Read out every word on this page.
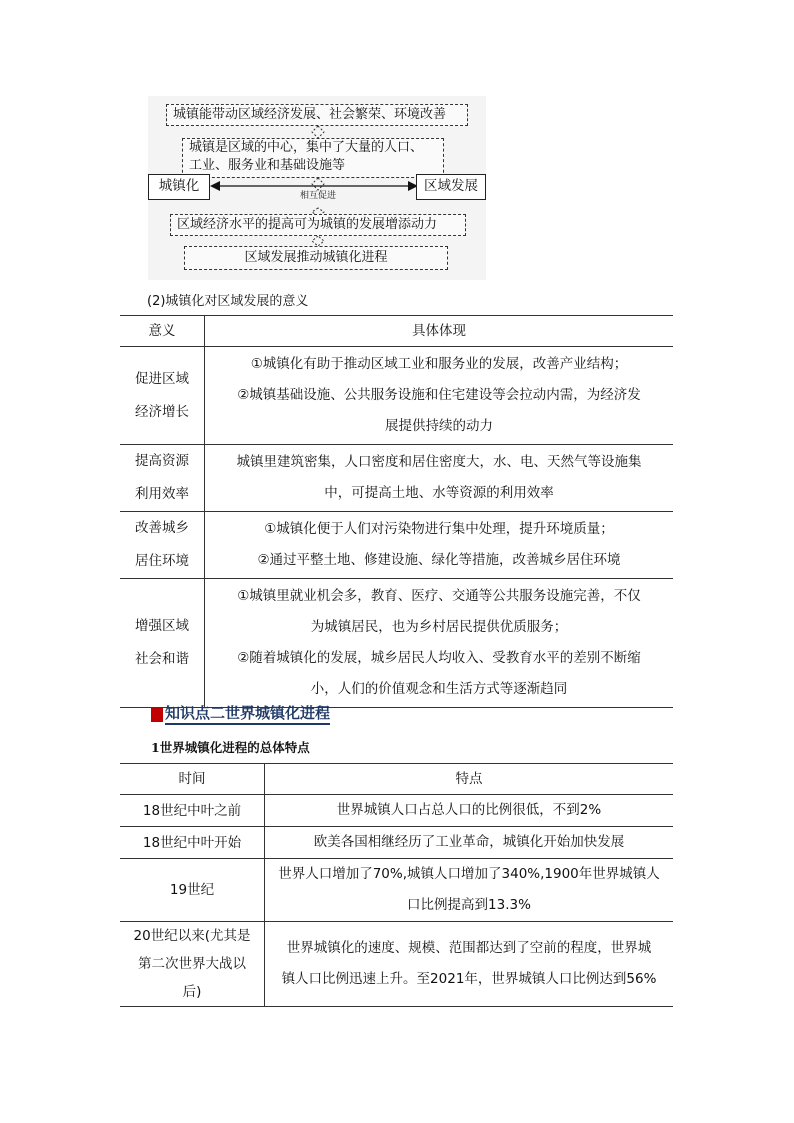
城镇能带动区域经济发展、社会繁荣、环境改善
城镇是区域的中心，集中了大量的人口、
工业、服务业和基础设施等
城镇化	区域发展
相互促进
区域经济水平的提高可为城镇的发展增添动力
区域发展推动城镇化进程
(2)城镇化对区域发展的意义
意义	具体体现

促进区域
经济增长	①城镇化有助于推动区域工业和服务业的发展，改善产业结构；
②城镇基础设施、公共服务设施和住宅建设等会拉动内需，为经济发
展提供持续的动力

提高资源
利用效率	城镇里建筑密集，人口密度和居住密度大，水、电、天然气等设施集
中，可提高土地、水等资源的利用效率

改善城乡
居住环境	①城镇化便于人们对污染物进行集中处理，提升环境质量；
②通过平整土地、修建设施、绿化等措施，改善城乡居住环境

增强区域
社会和谐	①城镇里就业机会多，教育、医疗、交通等公共服务设施完善，不仅
为城镇居民，也为乡村居民提供优质服务；
②随着城镇化的发展，城乡居民人均收入、受教育水平的差别不断缩
小，人们的价值观念和生活方式等逐渐趋同
知识点二世界城镇化进程
1世界城镇化进程的总体特点
时间	特点

18世纪中叶之前	世界城镇人口占总人口的比例很低，不到2%

18世纪中叶开始	欧美各国相继经历了工业革命，城镇化开始加快发展

19世纪	世界人口增加了70%,城镇人口增加了340%,1900年世界城镇人
口比例提高到13.3%

20世纪以来(尤其是
第二次世界大战以
后)	世界城镇化的速度、规模、范围都达到了空前的程度，世界城
镇人口比例迅速上升。至2021年，世界城镇人口比例达到56%
